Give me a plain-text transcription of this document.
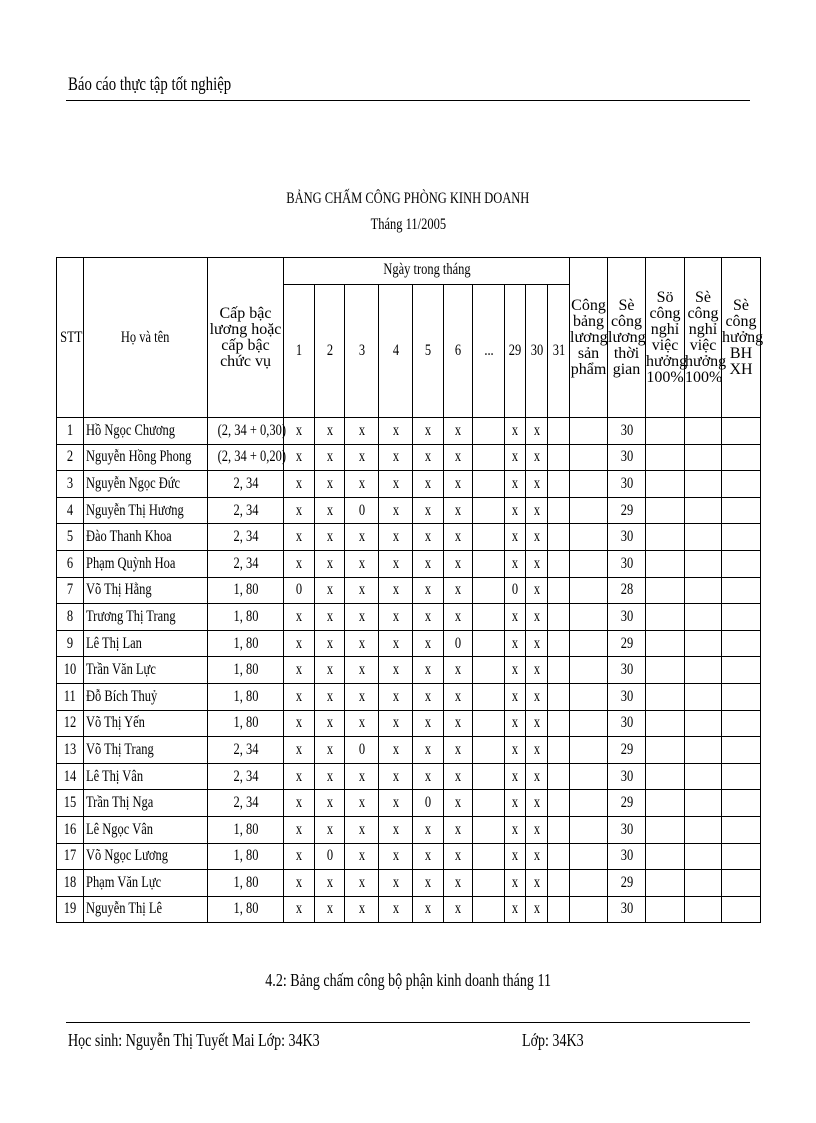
Báo cáo thực tập tốt nghiệp
BẢNG CHẤM CÔNG PHÒNG KINH DOANH
Tháng 11/2005
STT	Họ và tên	Cấp bậc lương hoặc cấp bậc chức vụ	Ngày trong tháng										Công bảng lương sản phẩm	Sè công lương thời gian	Sö công nghỉ việc hưởng 100%	Sè công nghỉ việc hưởng 100%	Sè công hưởng BH XH
			1	2	3	4	5	6	...	29	30	31					
1	Hồ Ngọc Chương	(2, 34 + 0,30)	x	x	x	x	x	x		x	x			30			
2	Nguyễn Hồng Phong	(2, 34 + 0,20)	x	x	x	x	x	x		x	x			30			
3	Nguyễn Ngọc Đức	2, 34	x	x	x	x	x	x		x	x			30			
4	Nguyễn Thị Hương	2, 34	x	x	0	x	x	x		x	x			29			
5	Đào Thanh Khoa	2, 34	x	x	x	x	x	x		x	x			30			
6	Phạm Quỳnh Hoa	2, 34	x	x	x	x	x	x		x	x			30			
7	Võ Thị Hằng	1, 80	0	x	x	x	x	x		0	x			28			
8	Trương Thị Trang	1, 80	x	x	x	x	x	x		x	x			30			
9	Lê Thị Lan	1, 80	x	x	x	x	x	0		x	x			29			
10	Trần Văn Lực	1, 80	x	x	x	x	x	x		x	x			30			
11	Đỗ Bích Thuỷ	1, 80	x	x	x	x	x	x		x	x			30			
12	Võ Thị Yến	1, 80	x	x	x	x	x	x		x	x			30			
13	Võ Thị Trang	2, 34	x	x	0	x	x	x		x	x			29			
14	Lê Thị Vân	2, 34	x	x	x	x	x	x		x	x			30			
15	Trần Thị Nga	2, 34	x	x	x	x	0	x		x	x			29			
16	Lê Ngọc Vân	1, 80	x	x	x	x	x	x		x	x			30			
17	Võ Ngọc Lương	1, 80	x	0	x	x	x	x		x	x			30			
18	Phạm Văn Lực	1, 80	x	x	x	x	x	x		x	x			29			
19	Nguyễn Thị Lê	1, 80	x	x	x	x	x	x		x	x			30			
4.2: Bảng chấm công bộ phận kinh doanh tháng 11
Học sinh: Nguyễn Thị Tuyết Mai Lớp: 34K3	Lớp: 34K3
